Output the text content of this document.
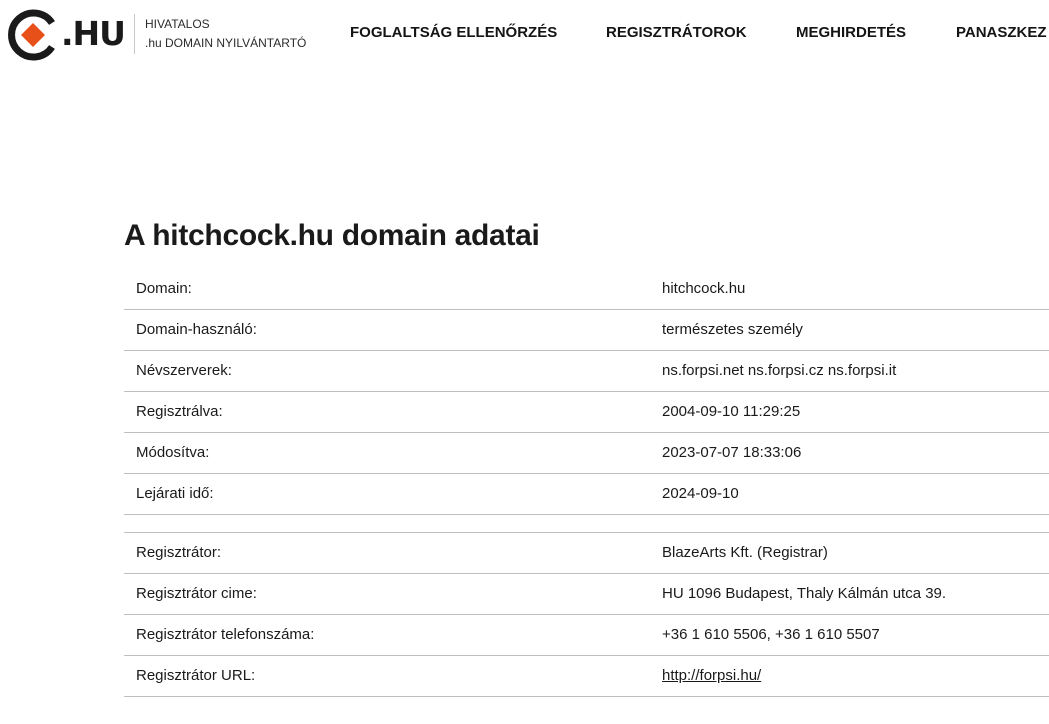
.HU HIVATALOS
.hu DOMAIN NYILVÁNTARTÓ
FOGLALTSÁG ELLENŐRZÉS	REGISZTRÁTOROK	MEGHIRDETÉS	PANASZKEZ
A hitchcock.hu domain adatai
Domain:	hitchcock.hu
Domain-használó:	természetes személy
Névszerverek:	ns.forpsi.net ns.forpsi.cz ns.forpsi.it
Regisztrálva:	2004-09-10 11:29:25
Módosítva:	2023-07-07 18:33:06
Lejárati idő:	2024-09-10
Regisztrátor:	BlazeArts Kft. (Registrar)
Regisztrátor cime:	HU 1096 Budapest, Thaly Kálmán utca 39.
Regisztrátor telefonszáma:	+36 1 610 5506, +36 1 610 5507
Regisztrátor URL:	http://forpsi.hu/
